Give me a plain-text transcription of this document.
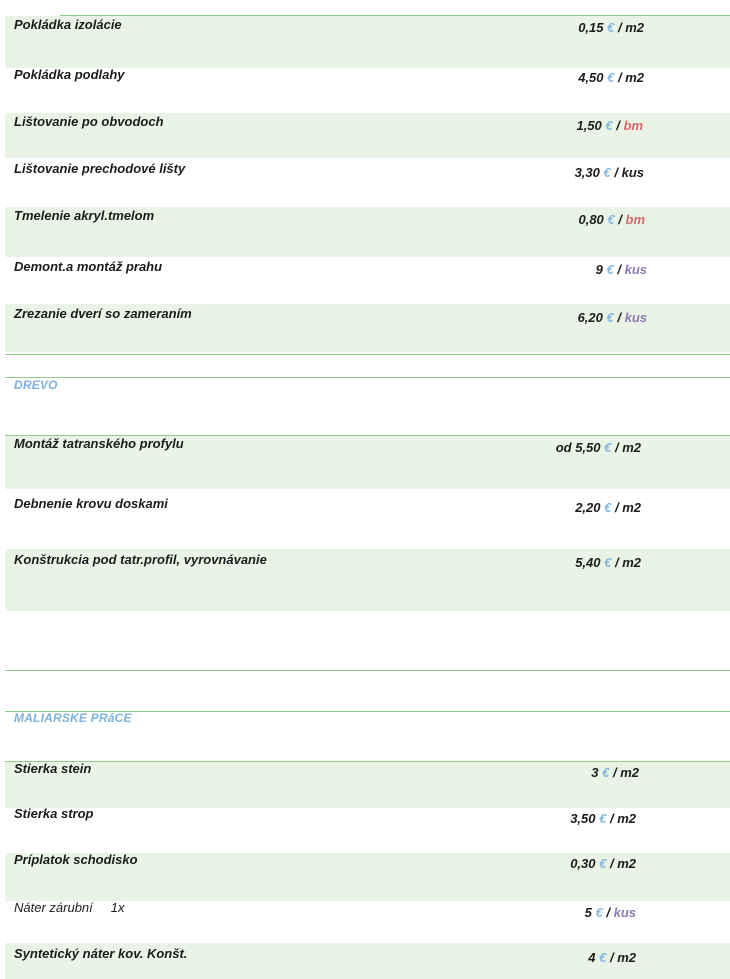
Pokládka izolácie	0,15 € / m2
Pokládka podlahy	4,50 € / m2
Lištovanie po obvodoch	1,50 € / bm
Lištovanie prechodové lišty	3,30 € / kus
Tmelenie akryl.tmelom	0,80 € / bm
Demont.a montáž prahu	9 € / kus
Zrezanie dverí so zameraním	6,20 € / kus
DREVO
Montáž tatranského profylu	od 5,50 € / m2
Debnenie krovu doskami	2,20 € / m2
Konštrukcia pod tatr.profil, vyrovnávanie	5,40 € / m2
MALIARSKE PRáCE
Stierka stein	3 € / m2
Stierka strop	3,50 € / m2
Príplatok schodisko	0,30 € / m2
Náter zárubní 1x	5 € / kus
Syntetický náter kov. Konšt.	4 € / m2
